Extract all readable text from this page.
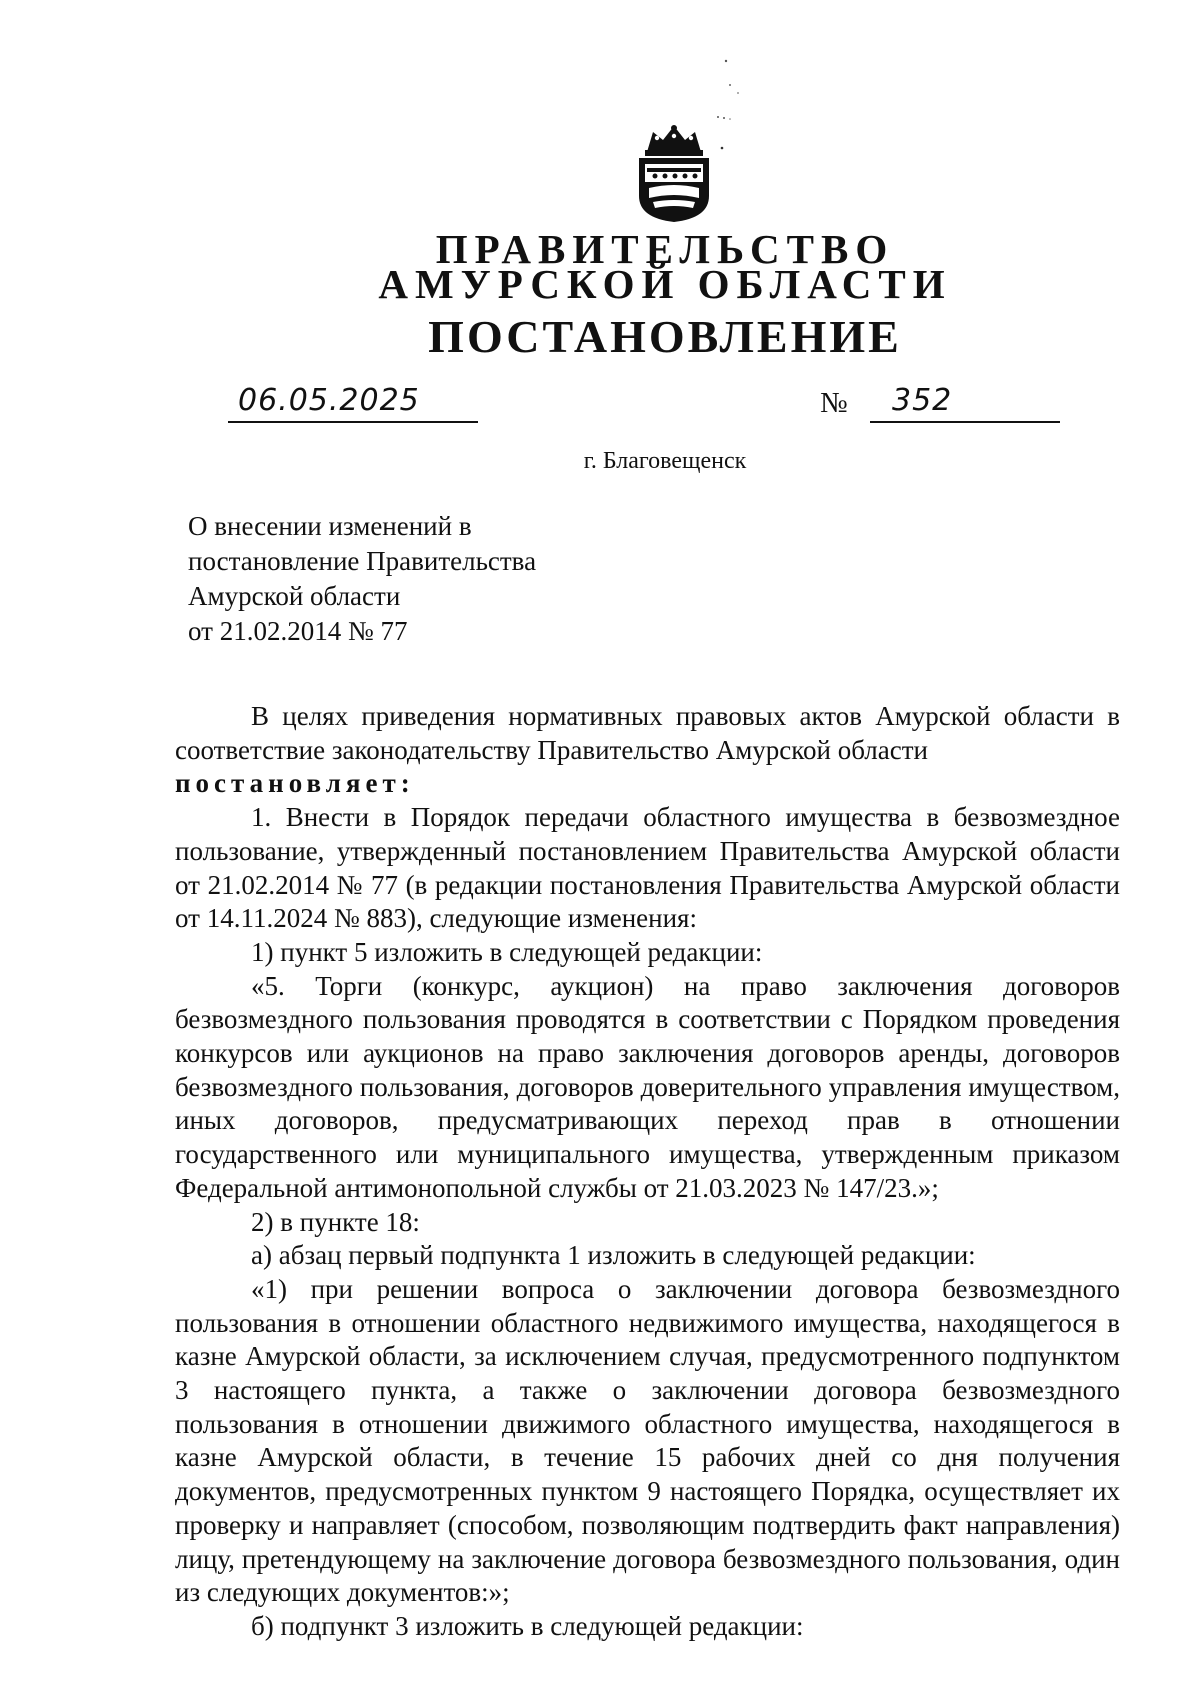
ПРАВИТЕЛЬСТВО
АМУРСКОЙ ОБЛАСТИ
ПОСТАНОВЛЕНИЕ
06.05.2025	№ 352
г. Благовещенск
О внесении изменений в
постановление Правительства
Амурской области
от 21.02.2014 № 77

В целях приведения нормативных правовых актов Амурской области в соответствие законодательству Правительство Амурской области

постановляет:

1. Внести в Порядок передачи областного имущества в безвозмездное пользование, утвержденный постановлением Правительства Амурской области от 21.02.2014 № 77 (в редакции постановления Правительства Амурской области от 14.11.2024 № 883), следующие изменения:

1) пункт 5 изложить в следующей редакции:

«5. Торги (конкурс, аукцион) на право заключения договоров безвозмездного пользования проводятся в соответствии с Порядком проведения конкурсов или аукционов на право заключения договоров аренды, договоров безвозмездного пользования, договоров доверительного управления имуществом, иных договоров, предусматривающих переход прав в отношении государственного или муниципального имущества, утвержденным приказом Федеральной антимонопольной службы от 21.03.2023 № 147/23.»;

2) в пункте 18:

а) абзац первый подпункта 1 изложить в следующей редакции:

«1) при решении вопроса о заключении договора безвозмездного пользования в отношении областного недвижимого имущества, находящегося в казне Амурской области, за исключением случая, предусмотренного подпунктом 3 настоящего пункта, а также о заключении договора безвозмездного пользования в отношении движимого областного имущества, находящегося в казне Амурской области, в течение 15 рабочих дней со дня получения документов, предусмотренных пунктом 9 настоящего Порядка, осуществляет их проверку и направляет (способом, позволяющим подтвердить факт направления) лицу, претендующему на заключение договора безвозмездного пользования, один из следующих документов:»;

б) подпункт 3 изложить в следующей редакции:
